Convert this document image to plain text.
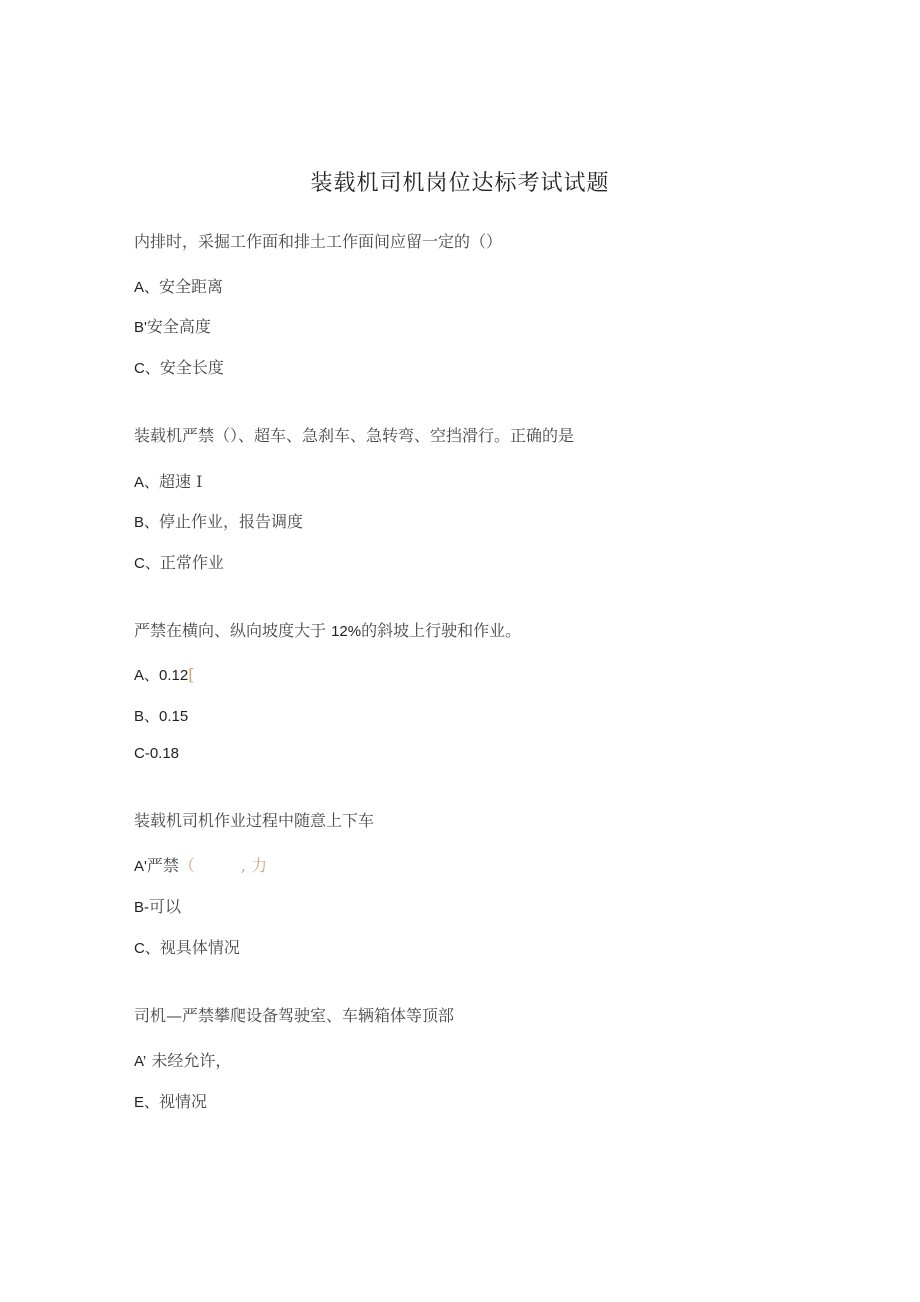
装载机司机岗位达标考试试题
内排时，采掘工作面和排土工作面间应留一定的（）
A、安全距离
B'安全高度
C、安全长度
装载机严禁（）、超车、急刹车、急转弯、空挡滑行。正确的是
A、超速 I
B、停止作业，报告调度
C、正常作业
严禁在横向、纵向坡度大于 12%的斜坡上行驶和作业。
A、0.12[
B、0.15
C-0.18
装载机司机作业过程中随意上下车
A'严禁（	, 力
B-可以
C、视具体情况
司机—严禁攀爬设备驾驶室、车辆箱体等顶部
A’ 未经允许，
E、视情况
